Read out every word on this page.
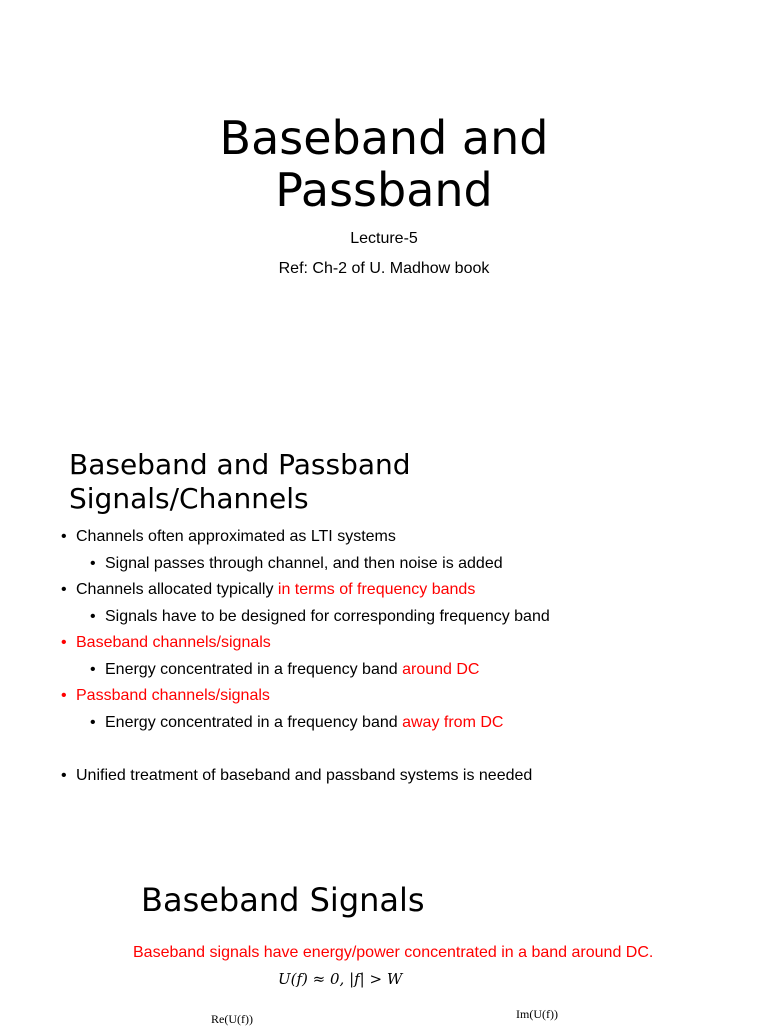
Baseband and
Passband

Lecture-5

Ref: Ch-2 of U. Madhow book

Baseband and Passband
Signals/Channels
• Channels often approximated as LTI systems
• Signal passes through channel, and then noise is added
• Channels allocated typically in terms of frequency bands
• Signals have to be designed for corresponding frequency band
• Baseband channels/signals
• Energy concentrated in a frequency band around DC
• Passband channels/signals
• Energy concentrated in a frequency band away from DC
• Unified treatment of baseband and passband systems is needed
Baseband Signals

Baseband signals have energy/power concentrated in a band around DC.

U(f) ≈ 0, |f| > W

Re(U(f))	Im(U(f))
